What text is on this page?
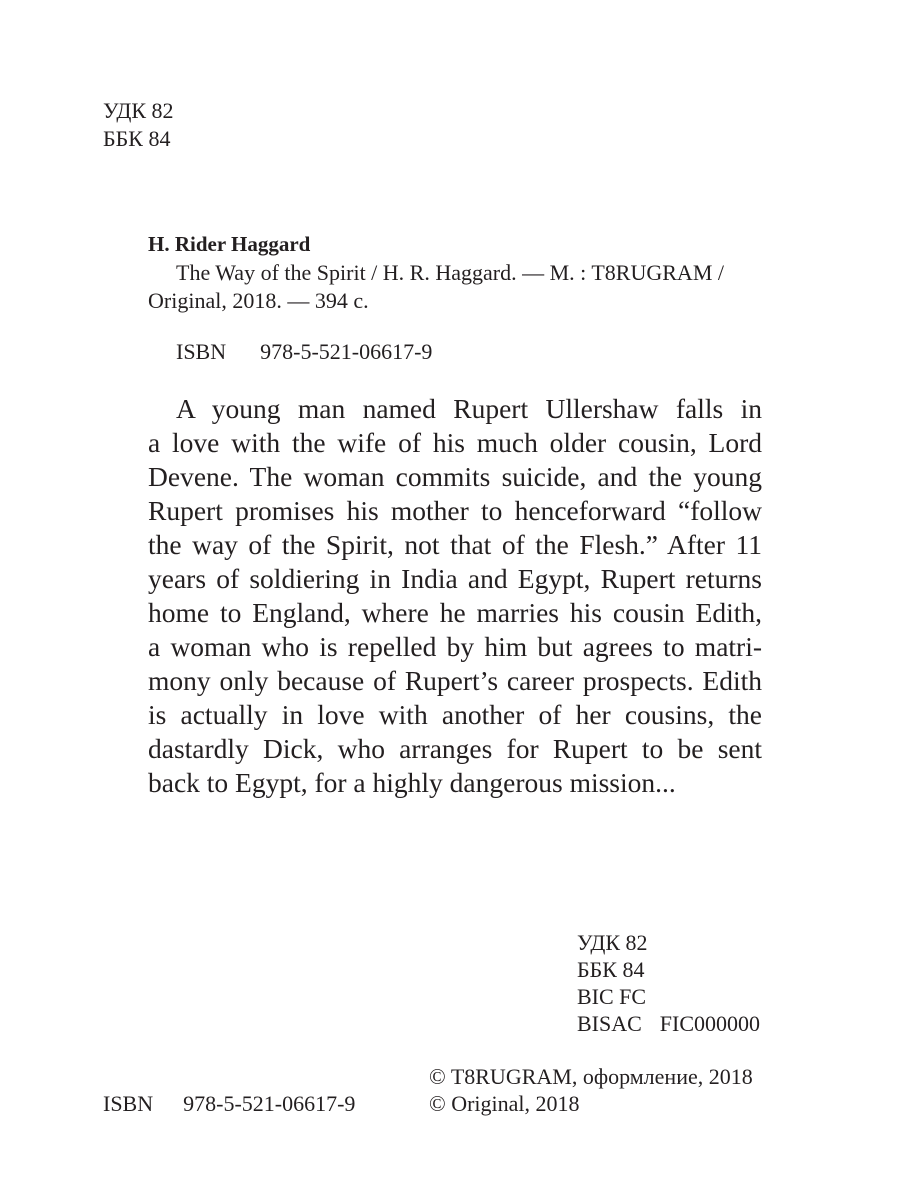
УДК 82
ББК 84
H. Rider Haggard
The Way of the Spirit / H. R. Haggard. — M. : T8RUGRAM /
Original, 2018. — 394 c.
ISBN 978-5-521-06617-9
A young man named Rupert Ullershaw falls in
a love with the wife of his much older cousin, Lord
Devene. The woman commits suicide, and the young
Rupert promises his mother to henceforward “follow
the way of the Spirit, not that of the Flesh.” After 11
years of soldiering in India and Egypt, Rupert returns
home to England, where he marries his cousin Edith,
a woman who is repelled by him but agrees to matri-
mony only because of Rupert’s career prospects. Edith
is actually in love with another of her cousins, the
dastardly Dick, who arranges for Rupert to be sent
back to Egypt, for a highly dangerous mission...
УДК 82
ББК 84
BIC FC
BISAC FIC000000
© T8RUGRAM, оформление, 2018
© Original, 2018
ISBN 978-5-521-06617-9
